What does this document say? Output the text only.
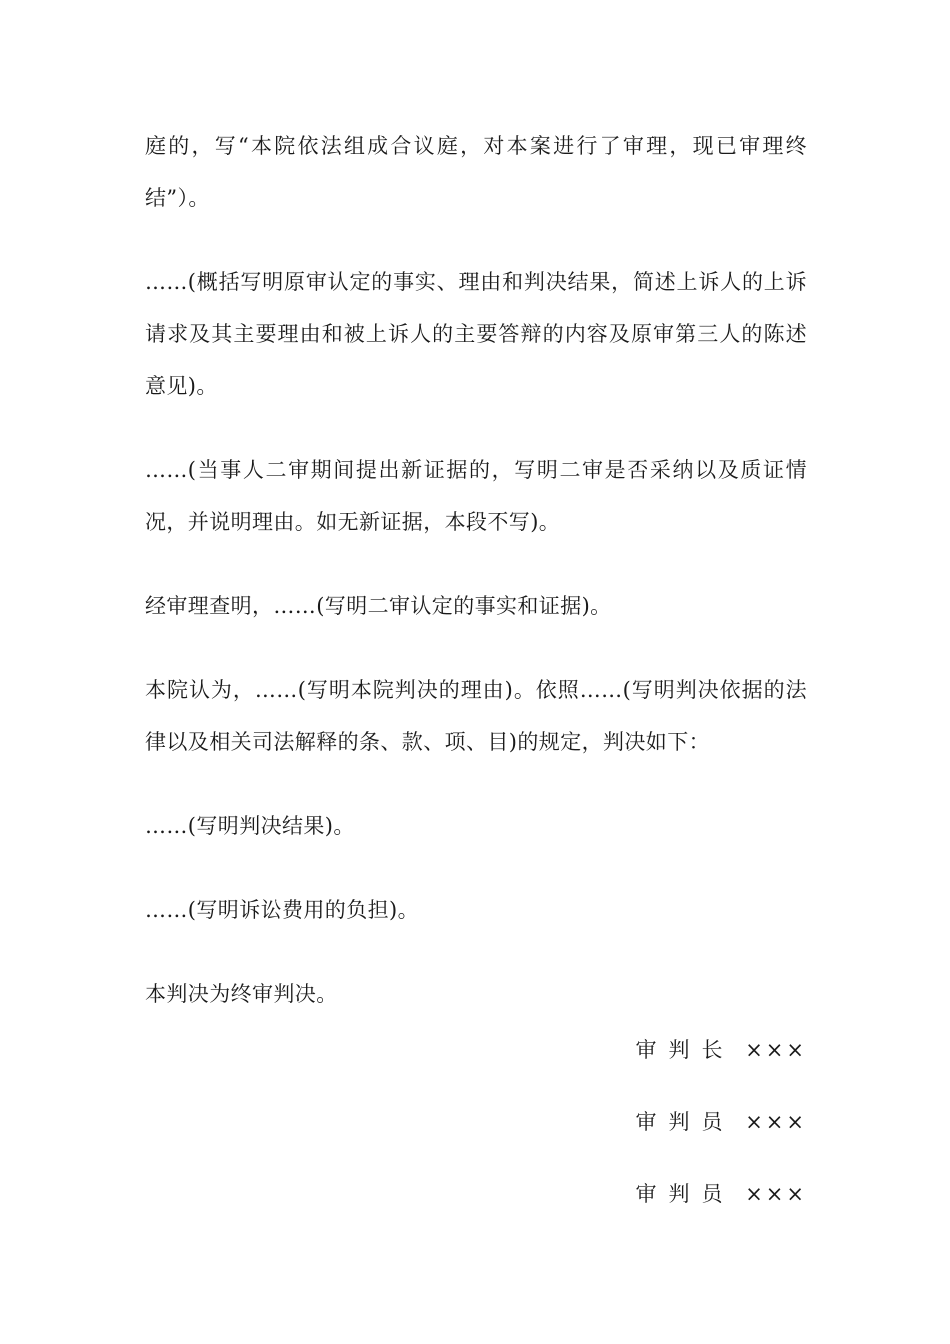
庭的，写“本院依法组成合议庭，对本案进行了审理，现已审理终结”）。

……(概括写明原审认定的事实、理由和判决结果，简述上诉人的上诉请求及其主要理由和被上诉人的主要答辩的内容及原审第三人的陈述意见)。

……(当事人二审期间提出新证据的，写明二审是否采纳以及质证情况，并说明理由。如无新证据，本段不写)。

经审理查明，……(写明二审认定的事实和证据)。

本院认为，……(写明本院判决的理由)。依照……(写明判决依据的法律以及相关司法解释的条、款、项、目)的规定，判决如下：

……(写明判决结果)。

……(写明诉讼费用的负担)。

本判决为终审判决。

审判长 ×××
审判员 ×××
审判员 ×××
